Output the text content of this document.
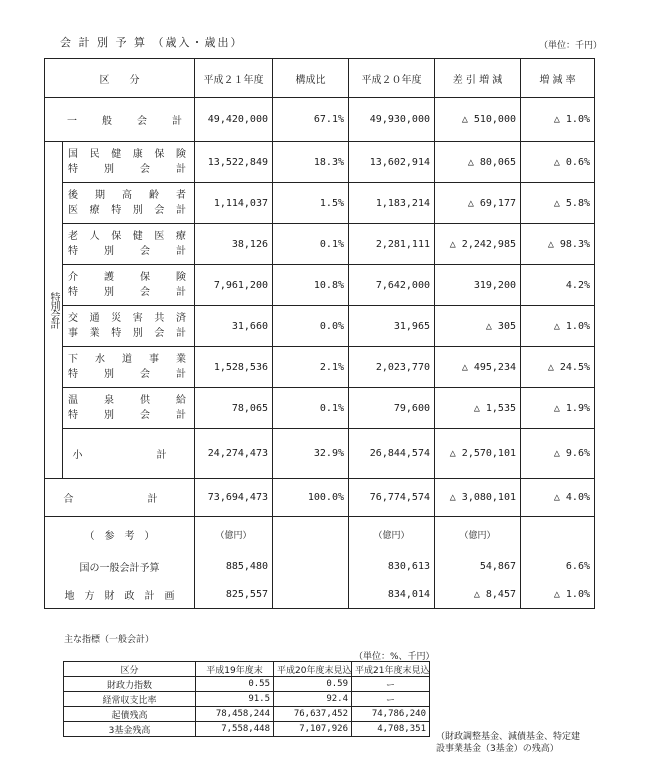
会 計 別 予 算 （歳入・歳出）	（単位：千円）
区　　分		平成２１年度	構成比	平成２０年度	差 引 増 減	増 減 率
一　般　会　計		49,420,000	67.1%	49,930,000	△ 510,000	△ 1.0%
特別会計	国民健康保険
特　別　会　計	13,522,849	18.3%	13,602,914	△ 80,065	△ 0.6%

	後期高齢者
医療特別会計	1,114,037	1.5%	1,183,214	△ 69,177	△ 5.8%

	老人保健医療
特　別　会　計	38,126	0.1%	2,281,111	△ 2,242,985	△ 98.3%

	介　護　保　険
特　別　会　計	7,961,200	10.8%	7,642,000	319,200	4.2%

	交通災害共済
事業特別会計	31,660	0.0%	31,965	△ 305	△ 1.0%

	下　水　道　事　業
特　別　会　計	1,528,536	2.1%	2,023,770	△ 495,234	△ 24.5%

	温　泉　供　給
特　別　会　計	78,065	0.1%	79,600	△ 1,535	△ 1.9%
	小　　計	24,274,473	32.9%	26,844,574	△ 2,570,101	△ 9.6%
合　　計		73,694,473	100.0%	76,774,574	△ 3,080,101	△ 4.0%
（　参　考　）		（億円）		（億円）	（億円）	
国の一般会計予算		885,480		830,613	54,867	6.6%
地　方　財　政　計　画		825,557		834,014	△ 8,457	△ 1.0%
主な指標（一般会計）
（単位：%、千円）
区分	平成19年度末	平成20年度末見込	平成21年度末見込
財政力指数	0.55	0.59	ー
経常収支比率	91.5	92.4	ー
起債残高	78,458,244	76,637,452	74,786,240
3基金残高	7,558,448	7,107,926	4,708,351
（財政調整基金、減債基金、特定建
設事業基金（3基金）の残高）
